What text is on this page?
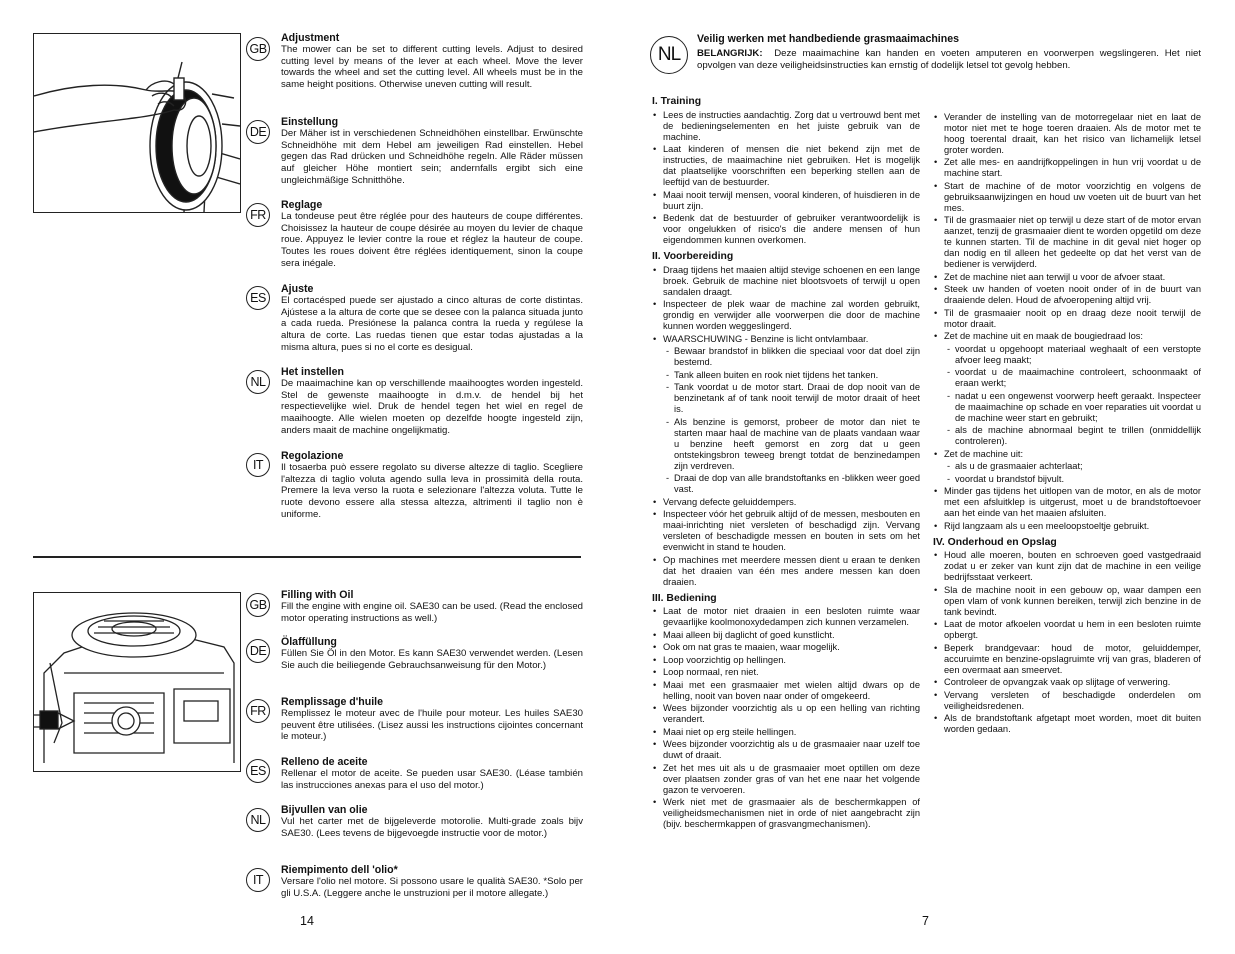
GB
Adjustment

The mower can be set to different cutting levels. Adjust to desired cutting level by means of the lever at each wheel. Move the lever towards the wheel and set the cutting level. All wheels must be in the same height positions. Otherwise uneven cutting will result.

DE
Einstellung

Der Mäher ist in verschiedenen Schneidhöhen einstellbar. Erwünschte Schneidhöhe mit dem Hebel am jeweiligen Rad einstellen. Hebel gegen das Rad drücken und Schneidhöhe regeln. Alle Räder müssen auf gleicher Höhe montiert sein; andernfalls ergibt sich eine ungleichmäßige Schnitthöhe.

FR
Reglage

La tondeuse peut être réglée pour des hauteurs de coupe différentes. Choisissez la hauteur de coupe désirée au moyen du levier de chaque roue. Appuyez le levier contre la roue et réglez la hauteur de coupe. Toutes les roues doivent être réglées identiquement, sinon la coupe sera inégale.

ES
Ajuste

El cortacésped puede ser ajustado a cinco alturas de corte distintas. Ajústese a la altura de corte que se desee con la palanca situada junto a cada rueda. Presiónese la palanca contra la rueda y regúlese la altura de corte. Las ruedas tienen que estar todas ajustadas a la misma altura, pues si no el corte es desigual.

NL
Het instellen

De maaimachine kan op verschillende maaihoogtes worden ingesteld. Stel de gewenste maaihoogte in d.m.v. de hendel bij het respectievelijke wiel. Druk de hendel tegen het wiel en regel de maaihoogte. Alle wielen moeten op dezelfde hoogte ingesteld zijn, anders maait de machine ongelijkmatig.

IT
Regolazione

Il tosaerba può essere regolato su diverse altezze di taglio. Scegliere l'altezza di taglio voluta agendo sulla leva in prossimità della routa. Premere la leva verso la ruota e selezionare l'altezza voluta. Tutte le ruote devono essere alla stessa altezza, altrimenti il taglio non è uniforme.

GB
Filling with Oil

Fill the engine with engine oil. SAE30 can be used. (Read the enclosed motor operating instructions as well.)

DE
Ölaffüllung

Füllen Sie Öl in den Motor. Es kann SAE30 verwendet werden. (Lesen Sie auch die beiliegende Gebrauchsanweisung für den Motor.)

FR
Remplissage d'huile

Remplissez le moteur avec de l'huile pour moteur. Les huiles SAE30 peuvent être utilisées. (Lisez aussi les instructions cijointes concernant le moteur.)

ES
Relleno de aceite

Rellenar el motor de aceite. Se pueden usar SAE30. (Léase también las instrucciones anexas para el uso del motor.)

NL
Bijvullen van olie

Vul het carter met de bijgeleverde motorolie. Multi-grade zoals bijv SAE30. (Lees tevens de bijgevoegde instructie voor de motor.)

IT
Riempimento dell 'olio*

Versare l'olio nel motore. Si possono usare le qualità SAE30. *Solo per gli U.S.A. (Leggere anche le unstruzioni per il motore allegate.)

14
NL
Veilig werken met handbediende grasmaaimachines
BELANGRIJK: Deze maaimachine kan handen en voeten amputeren en voorwerpen wegslingeren. Het niet opvolgen van deze veiligheidsinstructies kan ernstig of dodelijk letsel tot gevolg hebben.
I. Training
• Lees de instructies aandachtig. Zorg dat u vertrouwd bent met de bedieningselementen en het juiste gebruik van de machine.
• Laat kinderen of mensen die niet bekend zijn met de instructies, de maaimachine niet gebruiken. Het is mogelijk dat plaatselijke voorschriften een beperking stellen aan de leeftijd van de bestuurder.
• Maai nooit terwijl mensen, vooral kinderen, of huisdieren in de buurt zijn.
• Bedenk dat de bestuurder of gebruiker verantwoordelijk is voor ongelukken of risico's die andere mensen of hun eigendommen kunnen overkomen.
II. Voorbereiding
• Draag tijdens het maaien altijd stevige schoenen en een lange broek. Gebruik de machine niet blootsvoets of terwijl u open sandalen draagt.
• Inspecteer de plek waar de machine zal worden gebruikt, grondig en verwijder alle voorwerpen die door de machine kunnen worden weggeslingerd.
• WAARSCHUWING - Benzine is licht ontvlambaar.
- Bewaar brandstof in blikken die speciaal voor dat doel zijn bestemd.
- Tank alleen buiten en rook niet tijdens het tanken.
- Tank voordat u de motor start. Draai de dop nooit van de benzinetank af of tank nooit terwijl de motor draait of heet is.
- Als benzine is gemorst, probeer de motor dan niet te starten maar haal de machine van de plaats vandaan waar u benzine heeft gemorst en zorg dat u geen ontstekingsbron teweeg brengt totdat de benzinedampen zijn verdreven.
- Draai de dop van alle brandstoftanks en -blikken weer goed vast.
• Vervang defecte geluiddempers.
• Inspecteer vóór het gebruik altijd of de messen, mesbouten en maai-inrichting niet versleten of beschadigd zijn. Vervang versleten of beschadigde messen en bouten in sets om het evenwicht in stand te houden.
• Op machines met meerdere messen dient u eraan te denken dat het draaien van één mes andere messen kan doen draaien.
III. Bediening
• Laat de motor niet draaien in een besloten ruimte waar gevaarlijke koolmonoxydedampen zich kunnen verzamelen.
• Maai alleen bij daglicht of goed kunstlicht.
• Ook om nat gras te maaien, waar mogelijk.
• Loop voorzichtig op hellingen.
• Loop normaal, ren niet.
• Maai met een grasmaaier met wielen altijd dwars op de helling, nooit van boven naar onder of omgekeerd.
• Wees bijzonder voorzichtig als u op een helling van richting verandert.
• Maai niet op erg steile hellingen.
• Wees bijzonder voorzichtig als u de grasmaaier naar uzelf toe duwt of draait.
• Zet het mes uit als u de grasmaaier moet optillen om deze over plaatsen zonder gras of van het ene naar het volgende gazon te vervoeren.
• Werk niet met de grasmaaier als de beschermkappen of veiligheidsmechanismen niet in orde of niet aangebracht zijn (bijv. beschermkappen of grasvangmechanismen).
• Verander de instelling van de motorregelaar niet en laat de motor niet met te hoge toeren draaien. Als de motor met te hoog toerental draait, kan het risico van lichamelijk letsel groter worden.
• Zet alle mes- en aandrijfkoppelingen in hun vrij voordat u de machine start.
• Start de machine of de motor voorzichtig en volgens de gebruiksaanwijzingen en houd uw voeten uit de buurt van het mes.
• Til de grasmaaier niet op terwijl u deze start of de motor ervan aanzet, tenzij de grasmaaier dient te worden opgetild om deze te kunnen starten. Til de machine in dit geval niet hoger op dan nodig en til alleen het gedeelte op dat het verst van de bediener is verwijderd.
• Zet de machine niet aan terwijl u voor de afvoer staat.
• Steek uw handen of voeten nooit onder of in de buurt van draaiende delen. Houd de afvoeropening altijd vrij.
• Til de grasmaaier nooit op en draag deze nooit terwijl de motor draait.
• Zet de machine uit en maak de bougiedraad los:
- voordat u opgehoopt materiaal weghaalt of een verstopte afvoer leeg maakt;
- voordat u de maaimachine controleert, schoonmaakt of eraan werkt;
- nadat u een ongewenst voorwerp heeft geraakt. Inspecteer de maaimachine op schade en voer reparaties uit voordat u de machine weer start en gebruikt;
- als de machine abnormaal begint te trillen (onmiddellijk controleren).
• Zet de machine uit:
- als u de grasmaaier achterlaat;
- voordat u brandstof bijvult.
• Minder gas tijdens het uitlopen van de motor, en als de motor met een afsluitklep is uitgerust, moet u de brandstoftoevoer aan het einde van het maaien afsluiten.
• Rijd langzaam als u een meeloopstoeltje gebruikt.
IV. Onderhoud en Opslag
• Houd alle moeren, bouten en schroeven goed vastgedraaid zodat u er zeker van kunt zijn dat de machine in een veilige bedrijfsstaat verkeert.
• Sla de machine nooit in een gebouw op, waar dampen een open vlam of vonk kunnen bereiken, terwijl zich benzine in de tank bevindt.
• Laat de motor afkoelen voordat u hem in een besloten ruimte opbergt.
• Beperk brandgevaar: houd de motor, geluiddemper, accuruimte en benzine-opslagruimte vrij van gras, bladeren of een overmaat aan smeervet.
• Controleer de opvangzak vaak op slijtage of verwering.
• Vervang versleten of beschadigde onderdelen om veiligheidsredenen.
• Als de brandstoftank afgetapt moet worden, moet dit buiten worden gedaan.
7
